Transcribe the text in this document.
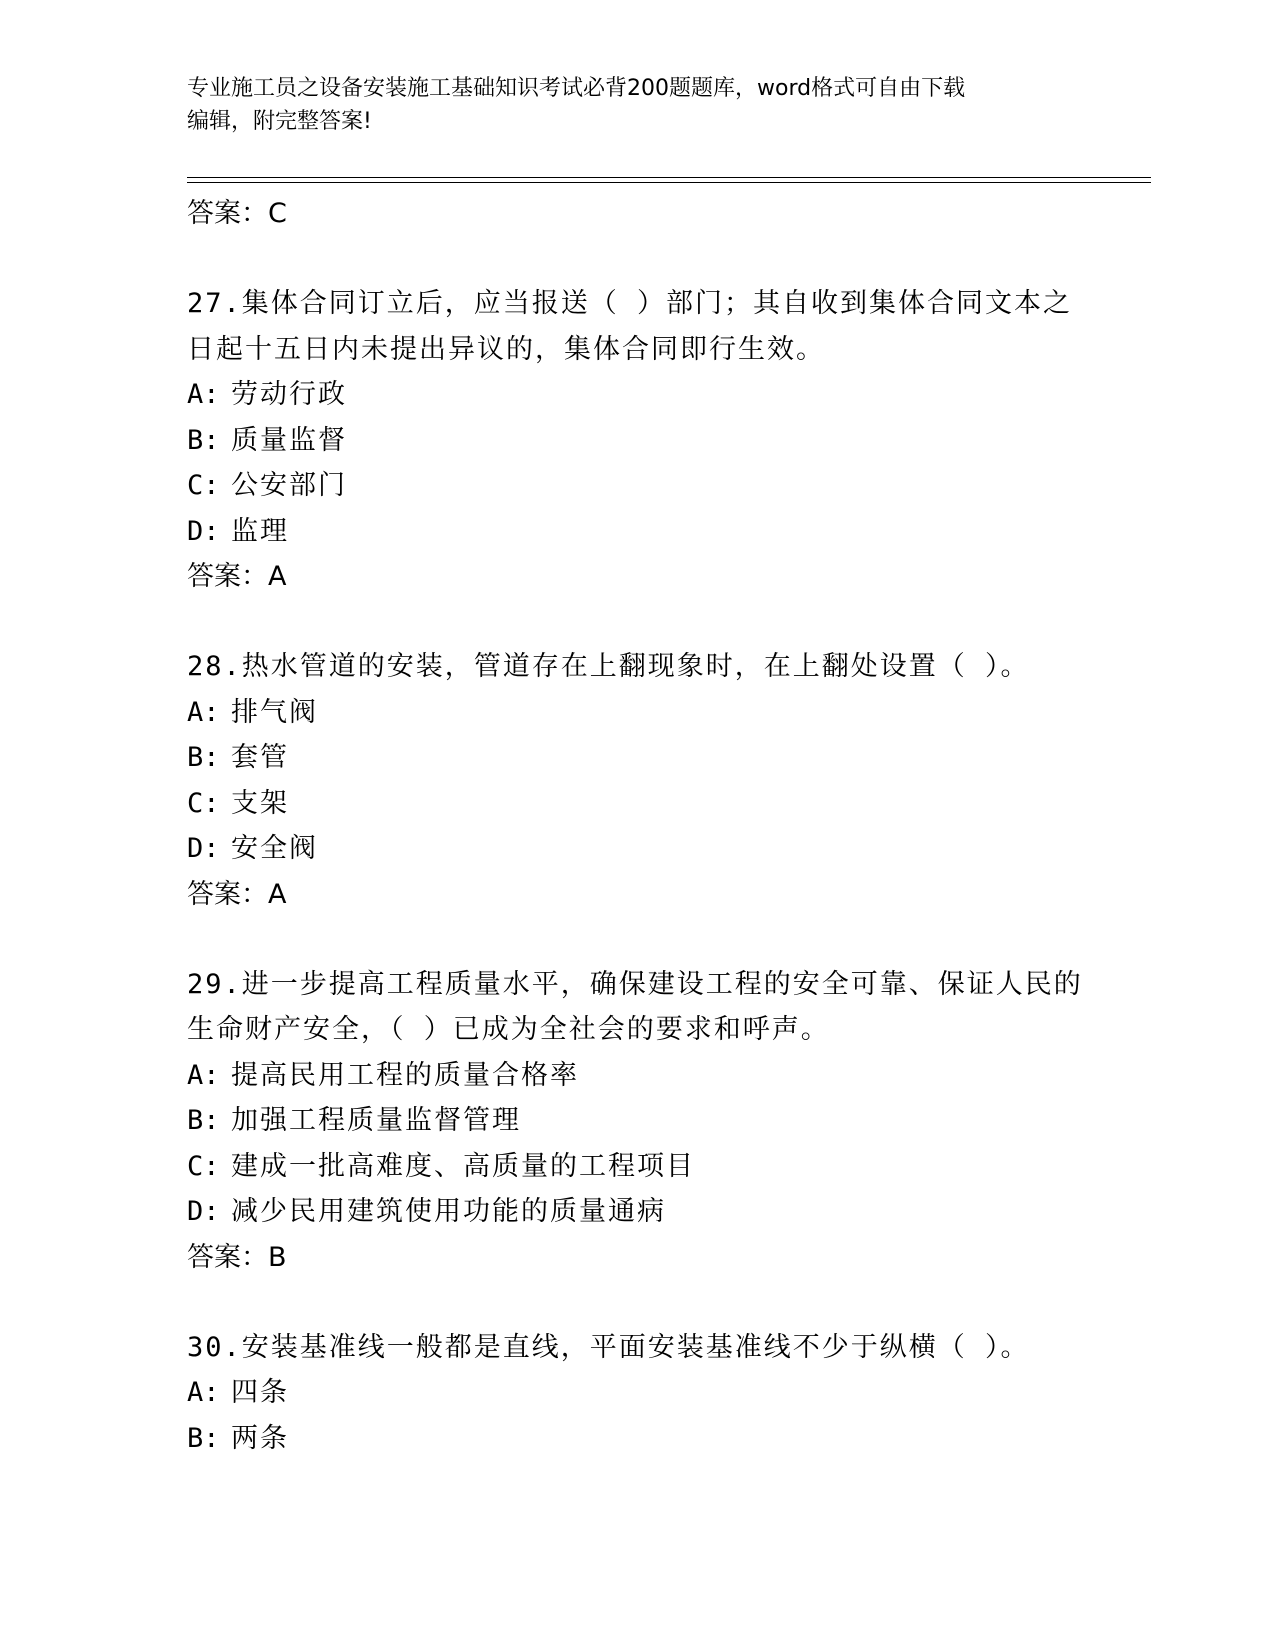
专业施工员之设备安装施工基础知识考试必背200题题库，word格式可自由下载
编辑，附完整答案!
答案：C
27.集体合同订立后，应当报送（ ）部门；其自收到集体合同文本之
日起十五日内未提出异议的，集体合同即行生效。
A: 劳动行政
B: 质量监督
C: 公安部门
D: 监理
答案：A
28.热水管道的安装，管道存在上翻现象时，在上翻处设置（ ）。
A: 排气阀
B: 套管
C: 支架
D: 安全阀
答案：A
29.进一步提高工程质量水平，确保建设工程的安全可靠、保证人民的
生命财产安全，（ ）已成为全社会的要求和呼声。
A: 提高民用工程的质量合格率
B: 加强工程质量监督管理
C: 建成一批高难度、高质量的工程项目
D: 减少民用建筑使用功能的质量通病
答案：B
30.安装基准线一般都是直线，平面安装基准线不少于纵横（ ）。
A: 四条
B: 两条
